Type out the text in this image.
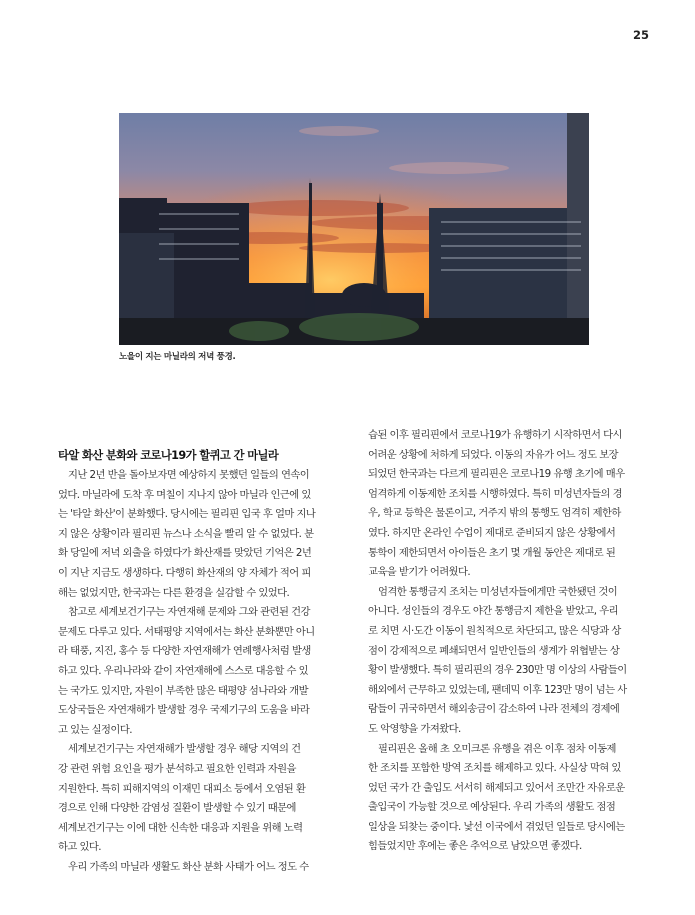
25
노을이 지는 마닐라의 저녁 풍경.
타알 화산 분화와 코로나19가 할퀴고 간 마닐라
지난 2년 반을 돌아보자면 예상하지 못했던 일들의 연속이
었다. 마닐라에 도착 후 며칠이 지나지 않아 마닐라 인근에 있
는 '타알 화산'이 분화했다. 당시에는 필리핀 입국 후 얼마 지나
지 않은 상황이라 필리핀 뉴스나 소식을 빨리 알 수 없었다. 분
화 당일에 저녁 외출을 하였다가 화산재를 맞았던 기억은 2년
이 지난 지금도 생생하다. 다행히 화산재의 양 자체가 적어 피
해는 없었지만, 한국과는 다른 환경을 실감할 수 있었다.
참고로 세계보건기구는 자연재해 문제와 그와 관련된 건강
문제도 다루고 있다. 서태평양 지역에서는 화산 분화뿐만 아니
라 태풍, 지진, 홍수 등 다양한 자연재해가 연례행사처럼 발생
하고 있다. 우리나라와 같이 자연재해에 스스로 대응할 수 있
는 국가도 있지만, 자원이 부족한 많은 태평양 섬나라와 개발
도상국들은 자연재해가 발생할 경우 국제기구의 도움을 바라
고 있는 실정이다.
세계보건기구는 자연재해가 발생할 경우 해당 지역의 건
강 관련 위험 요인을 평가 분석하고 필요한 인력과 자원을
지원한다. 특히 피해지역의 이재민 대피소 등에서 오염된 환
경으로 인해 다양한 감염성 질환이 발생할 수 있기 때문에
세계보건기구는 이에 대한 신속한 대응과 지원을 위해 노력
하고 있다.
우리 가족의 마닐라 생활도 화산 분화 사태가 어느 정도 수
습된 이후 필리핀에서 코로나19가 유행하기 시작하면서 다시
어려운 상황에 처하게 되었다. 이동의 자유가 어느 정도 보장
되었던 한국과는 다르게 필리핀은 코로나19 유행 초기에 매우
엄격하게 이동제한 조치를 시행하였다. 특히 미성년자들의 경
우, 학교 등학은 물론이고, 거주지 밖의 통행도 엄격히 제한하
였다. 하지만 온라인 수업이 제대로 준비되지 않은 상황에서
통학이 제한되면서 아이들은 초기 몇 개월 동안은 제대로 된
교육을 받기가 어려웠다.
엄격한 통행금지 조치는 미성년자들에게만 국한됐던 것이
아니다. 성인들의 경우도 야간 통행금지 제한을 받았고, 우리
로 치면 시·도간 이동이 원칙적으로 차단되고, 많은 식당과 상
점이 강제적으로 폐쇄되면서 일반인들의 생계가 위협받는 상
황이 발생했다. 특히 필리핀의 경우 230만 명 이상의 사람들이
해외에서 근무하고 있었는데, 팬데믹 이후 123만 명이 넘는 사
람들이 귀국하면서 해외송금이 감소하여 나라 전체의 경제에
도 악영향을 가져왔다.
필리핀은 올해 초 오미크론 유행을 겪은 이후 점차 이동제
한 조치를 포함한 방역 조치를 해제하고 있다. 사실상 막혀 있
었던 국가 간 출입도 서서히 해제되고 있어서 조만간 자유로운
출입국이 가능할 것으로 예상된다. 우리 가족의 생활도 점점
일상을 되찾는 중이다. 낯선 이국에서 겪었던 일들로 당시에는
힘들었지만 후에는 좋은 추억으로 남았으면 좋겠다.
